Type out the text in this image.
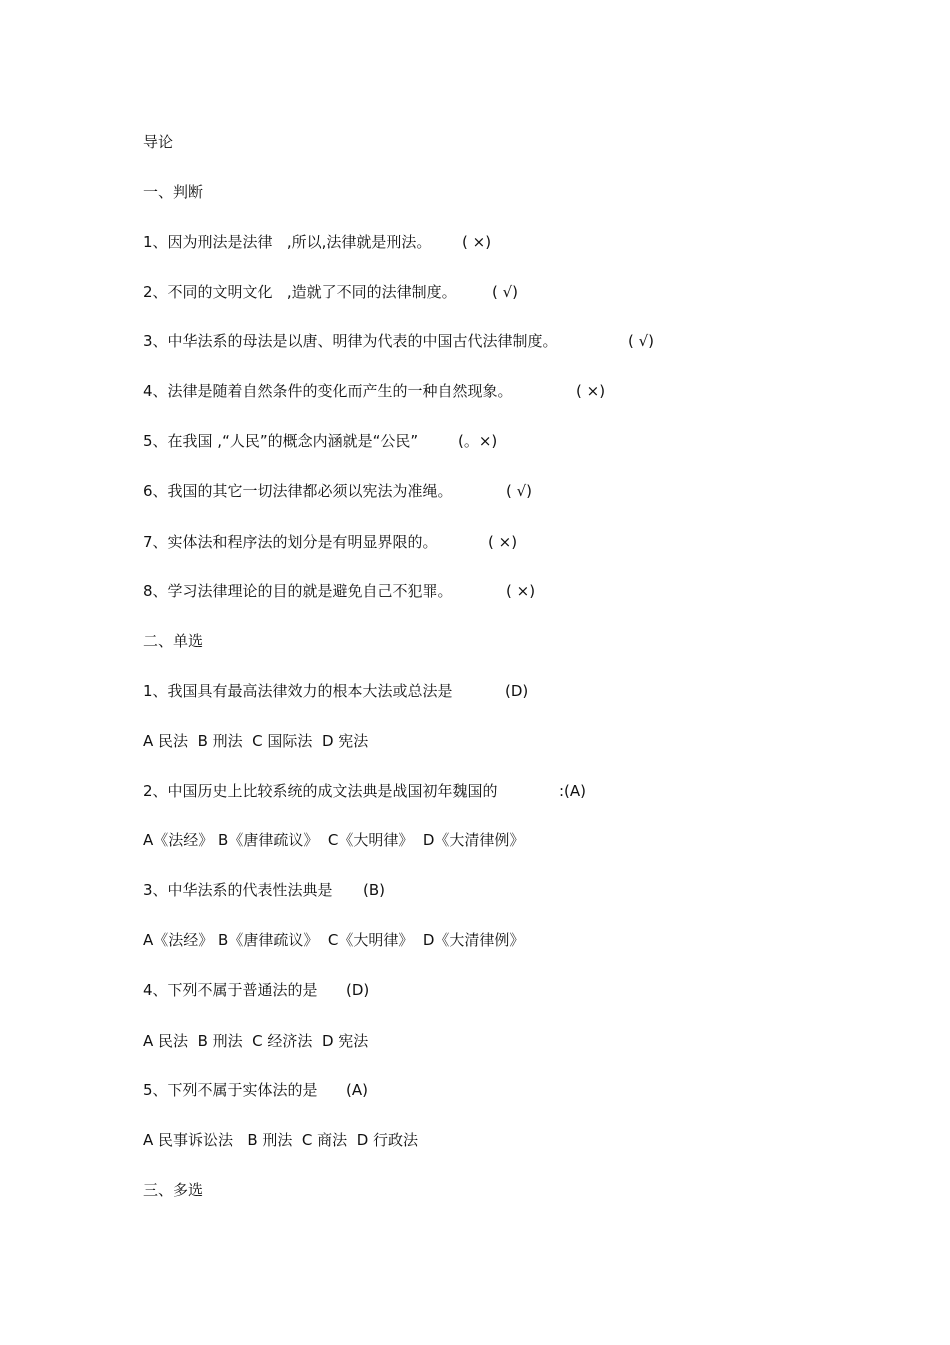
导论
一、判断
1、因为刑法是法律   ,所以,法律就是刑法。 ( ×)
2、不同的文明文化   ,造就了不同的法律制度。 ( √)
3、中华法系的母法是以唐、明律为代表的中国古代法律制度。	( √)
4、法律是随着自然条件的变化而产生的一种自然现象。	( ×)
5、在我国 ,“人民”的概念内涵就是“公民”	(。×)
6、我国的其它一切法律都必须以宪法为准绳。	( √)
7、实体法和程序法的划分是有明显界限的。	( ×)
8、学习法律理论的目的就是避免自己不犯罪。	( ×)
二、单选
1、我国具有最高法律效力的根本大法或总法是	(D)
A 民法  B 刑法  C 国际法  D 宪法
2、中国历史上比较系统的成文法典是战国初年魏国的	:(A)
A《法经》 B《唐律疏议》  C《大明律》  D《大清律例》
3、中华法系的代表性法典是 (B)
A《法经》 B《唐律疏议》  C《大明律》  D《大清律例》
4、下列不属于普通法的是 (D)
A 民法  B 刑法  C 经济法  D 宪法
5、下列不属于实体法的是 (A)
A 民事诉讼法   B 刑法  C 商法  D 行政法
三、多选
